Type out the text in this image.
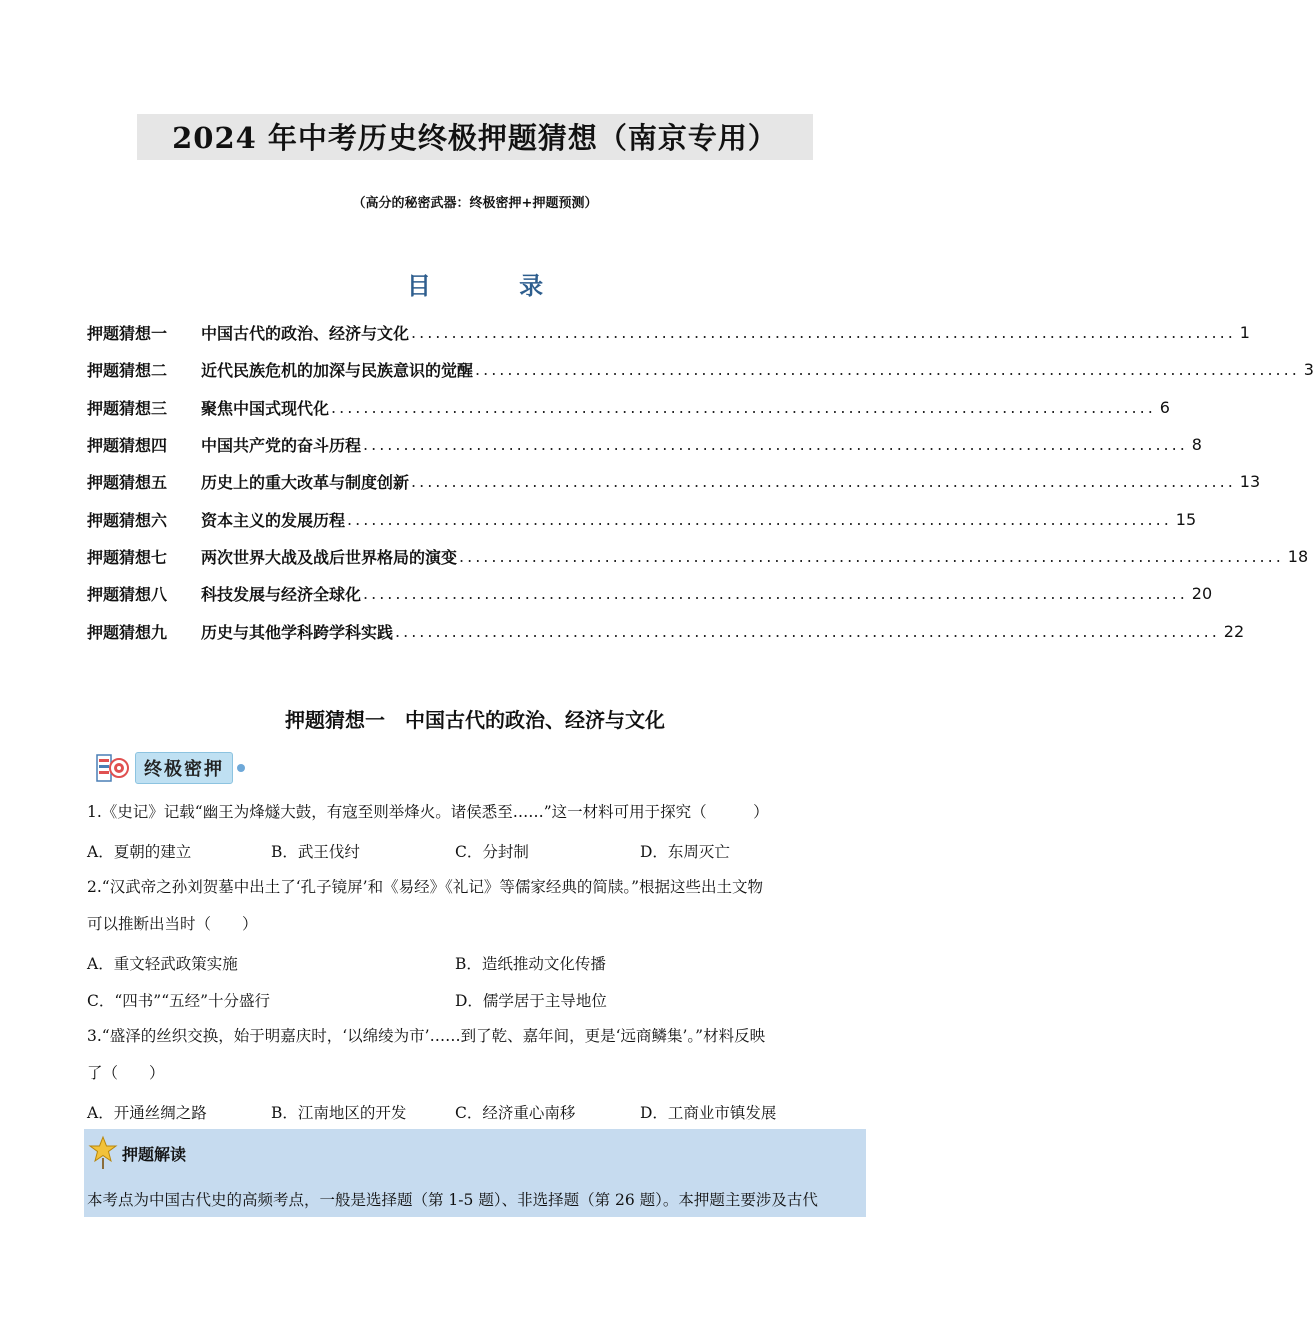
2024 年中考历史终极押题猜想（南京专用）
（高分的秘密武器：终极密押+押题预测）
目 录
押题猜想一	中国古代的政治、经济与文化 ...................................................................................................... 1
押题猜想二	近代民族危机的加深与民族意识的觉醒 ...................................................................................................... 3
押题猜想三	聚焦中国式现代化 ...................................................................................................... 6
押题猜想四	中国共产党的奋斗历程 ...................................................................................................... 8
押题猜想五	历史上的重大改革与制度创新 ...................................................................................................... 13
押题猜想六	资本主义的发展历程 ...................................................................................................... 15
押题猜想七	两次世界大战及战后世界格局的演变 ...................................................................................................... 18
押题猜想八	科技发展与经济全球化 ...................................................................................................... 20
押题猜想九	历史与其他学科跨学科实践 ...................................................................................................... 22
押题猜想一　中国古代的政治、经济与文化
终极密押
1.《史记》记载“幽王为烽燧大鼓，有寇至则举烽火。诸侯悉至……”这一材料可用于探究（　　　）
A．夏朝的建立	B．武王伐纣	C．分封制	D．东周灭亡
2.“汉武帝之孙刘贺墓中出土了‘孔子镜屏’和《易经》《礼记》等儒家经典的简牍。”根据这些出土文物
可以推断出当时（　　）
A．重文轻武政策实施	B．造纸推动文化传播
C．“四书”“五经”十分盛行	D．儒学居于主导地位
3.“盛泽的丝织交换，始于明嘉庆时，‘以绵绫为市’……到了乾、嘉年间，更是‘远商鳞集’。”材料反映
了（　　）
A．开通丝绸之路	B．江南地区的开发	C．经济重心南移	D．工商业市镇发展
押题解读
本考点为中国古代史的高频考点，一般是选择题（第 1-5 题）、非选择题（第 26 题）。本押题主要涉及古代
